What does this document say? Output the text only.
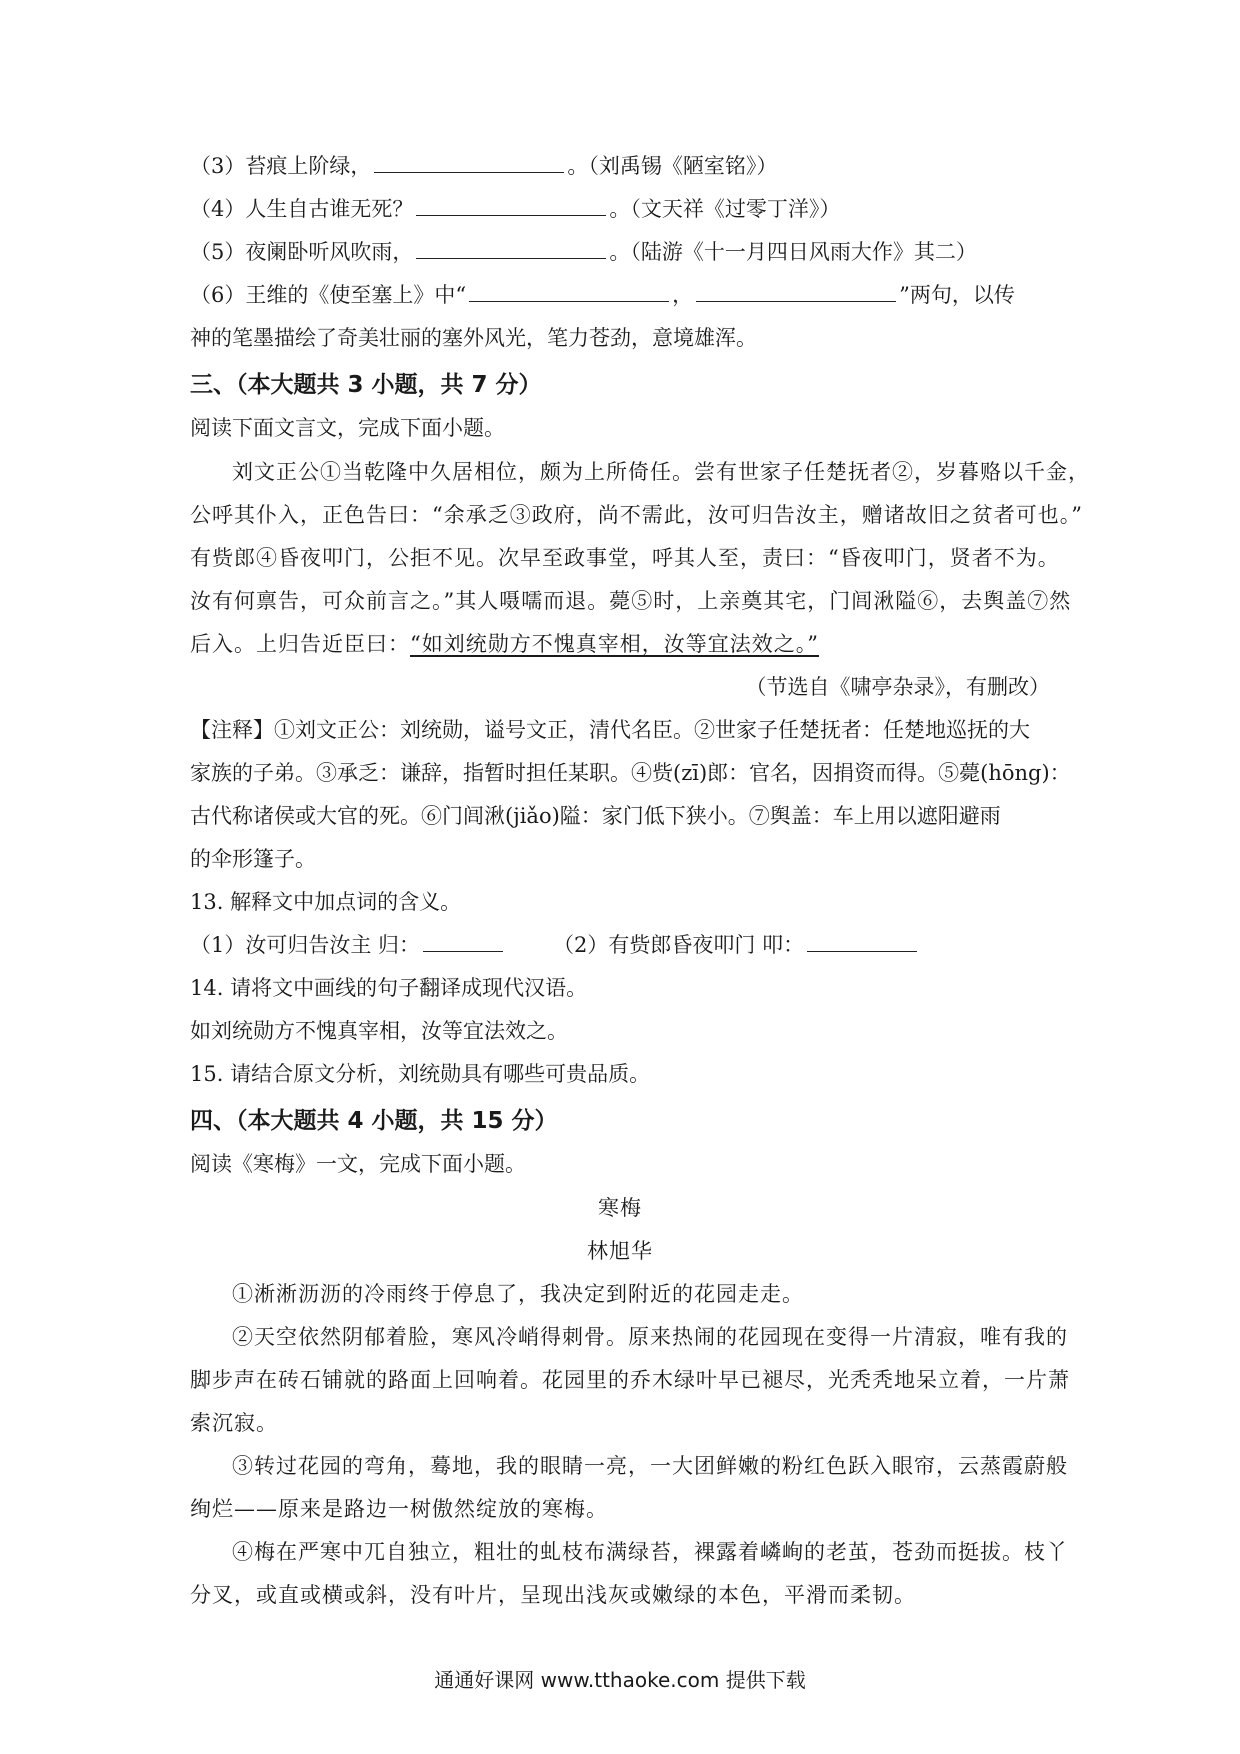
（3）苔痕上阶绿，	。（刘禹锡《陋室铭》）
（4）人生自古谁无死？	。（文天祥《过零丁洋》）
（5）夜阑卧听风吹雨，	。（陆游《十一月四日风雨大作》其二）
（6）王维的《使至塞上》中“	，	”两句，以传
神的笔墨描绘了奇美壮丽的塞外风光，笔力苍劲，意境雄浑。
三、（本大题共 3 小题，共 7 分）
阅读下面文言文，完成下面小题。
刘文正公①当乾隆中久居相位，颇为上所倚任。尝有世家子任楚抚者②，岁暮赂以千金，
公呼其仆入，正色告曰：“余承乏③政府，尚不需此，汝可归告汝主，赠诸故旧之贫者可也。”
有赀郎④昏夜叩门，公拒不见。次早至政事堂，呼其人至，责曰：“昏夜叩门，贤者不为。
汝有何禀告，可众前言之。”其人嗫嚅而退。薨⑤时，上亲奠其宅，门闾湫隘⑥，去舆盖⑦然
后入。上归告近臣曰：“如刘统勋方不愧真宰相，汝等宜法效之。”
（节选自《啸亭杂录》，有删改）
【注释】①刘文正公：刘统勋，谥号文正，清代名臣。②世家子任楚抚者：任楚地巡抚的大
家族的子弟。③承乏：谦辞，指暂时担任某职。④赀(zī)郎：官名，因捐资而得。⑤薨(hōng)：
古代称诸侯或大官的死。⑥门闾湫(jiǎo)隘：家门低下狭小。⑦舆盖：车上用以遮阳避雨
的伞形篷子。
13. 解释文中加点词的含义。
（1）汝可归告汝主 归：	（2）有赀郎昏夜叩门 叩：
14. 请将文中画线的句子翻译成现代汉语。
如刘统勋方不愧真宰相，汝等宜法效之。
15. 请结合原文分析，刘统勋具有哪些可贵品质。
四、（本大题共 4 小题，共 15 分）
阅读《寒梅》一文，完成下面小题。
寒梅
林旭华
①淅淅沥沥的冷雨终于停息了，我决定到附近的花园走走。
②天空依然阴郁着脸，寒风冷峭得刺骨。原来热闹的花园现在变得一片清寂，唯有我的
脚步声在砖石铺就的路面上回响着。花园里的乔木绿叶早已褪尽，光秃秃地呆立着，一片萧
索沉寂。
③转过花园的弯角，蓦地，我的眼睛一亮，一大团鲜嫩的粉红色跃入眼帘，云蒸霞蔚般
绚烂——原来是路边一树傲然绽放的寒梅。
④梅在严寒中兀自独立，粗壮的虬枝布满绿苔，裸露着嶙峋的老茧，苍劲而挺拔。枝丫
分叉，或直或横或斜，没有叶片，呈现出浅灰或嫩绿的本色，平滑而柔韧。
通通好课网 www.tthaoke.com 提供下载
